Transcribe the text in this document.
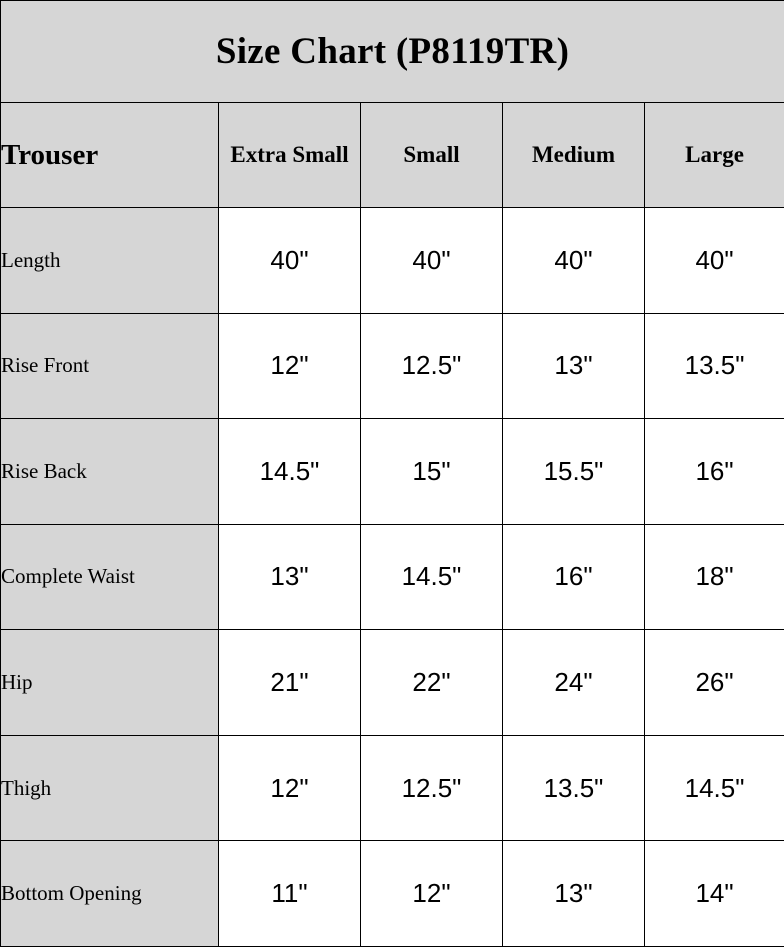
Size Chart (P8119TR)				
Trouser	Extra Small	Small	Medium	Large
Length	40"	40"	40"	40"
Rise Front	12"	12.5"	13"	13.5"
Rise Back	14.5"	15"	15.5"	16"
Complete Waist	13"	14.5"	16"	18"
Hip	21"	22"	24"	26"
Thigh	12"	12.5"	13.5"	14.5"
Bottom Opening	11"	12"	13"	14"
